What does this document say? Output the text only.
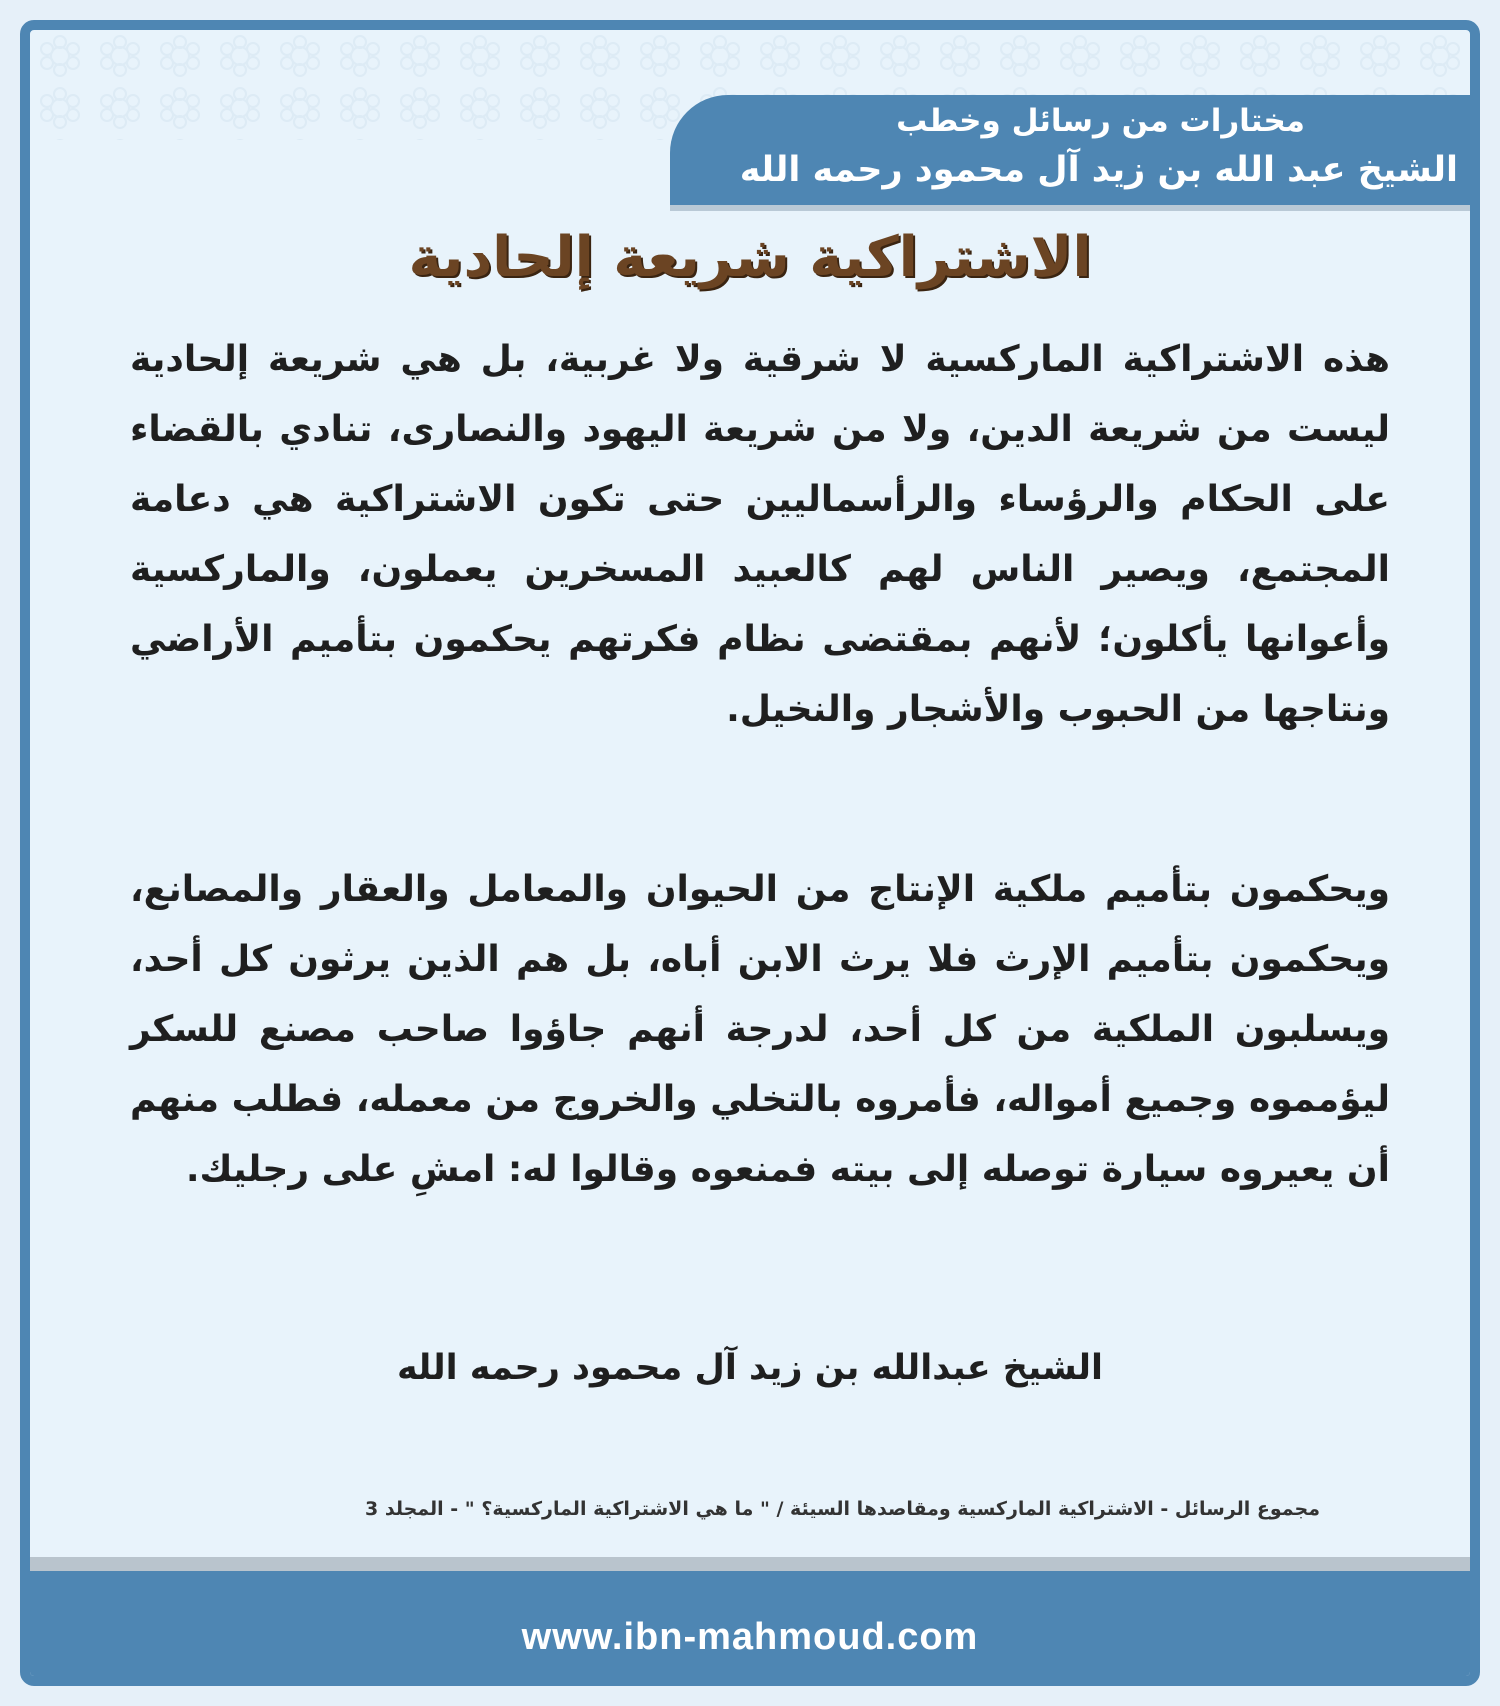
مختارات من رسائل وخطب
الشيخ عبد الله بن زيد آل محمود رحمه الله
الاشتراكية شريعة إلحادية

هذه الاشتراكية الماركسية لا شرقية ولا غربية، بل هي شريعة إلحادية ليست من شريعة الدين، ولا من شريعة اليهود والنصارى، تنادي بالقضاء على الحكام والرؤساء والرأسماليين حتى تكون الاشتراكية هي دعامة المجتمع، ويصير الناس لهم كالعبيد المسخرين يعملون، والماركسية وأعوانها يأكلون؛ لأنهم بمقتضى نظام فكرتهم يحكمون بتأميم الأراضي ونتاجها من الحبوب والأشجار والنخيل.

ويحكمون بتأميم ملكية الإنتاج من الحيوان والمعامل والعقار والمصانع، ويحكمون بتأميم الإرث فلا يرث الابن أباه، بل هم الذين يرثون كل أحد، ويسلبون الملكية من كل أحد، لدرجة أنهم جاؤوا صاحب مصنع للسكر ليؤمموه وجميع أمواله، فأمروه بالتخلي والخروج من معمله، فطلب منهم أن يعيروه سيارة توصله إلى بيته فمنعوه وقالوا له: امشِ على رجليك.

الشيخ عبدالله بن زيد آل محمود رحمه الله
مجموع الرسائل - الاشتراكية الماركسية ومقاصدها السيئة / " ما هي الاشتراكية الماركسية؟ " - المجلد 3
www.ibn-mahmoud.com
